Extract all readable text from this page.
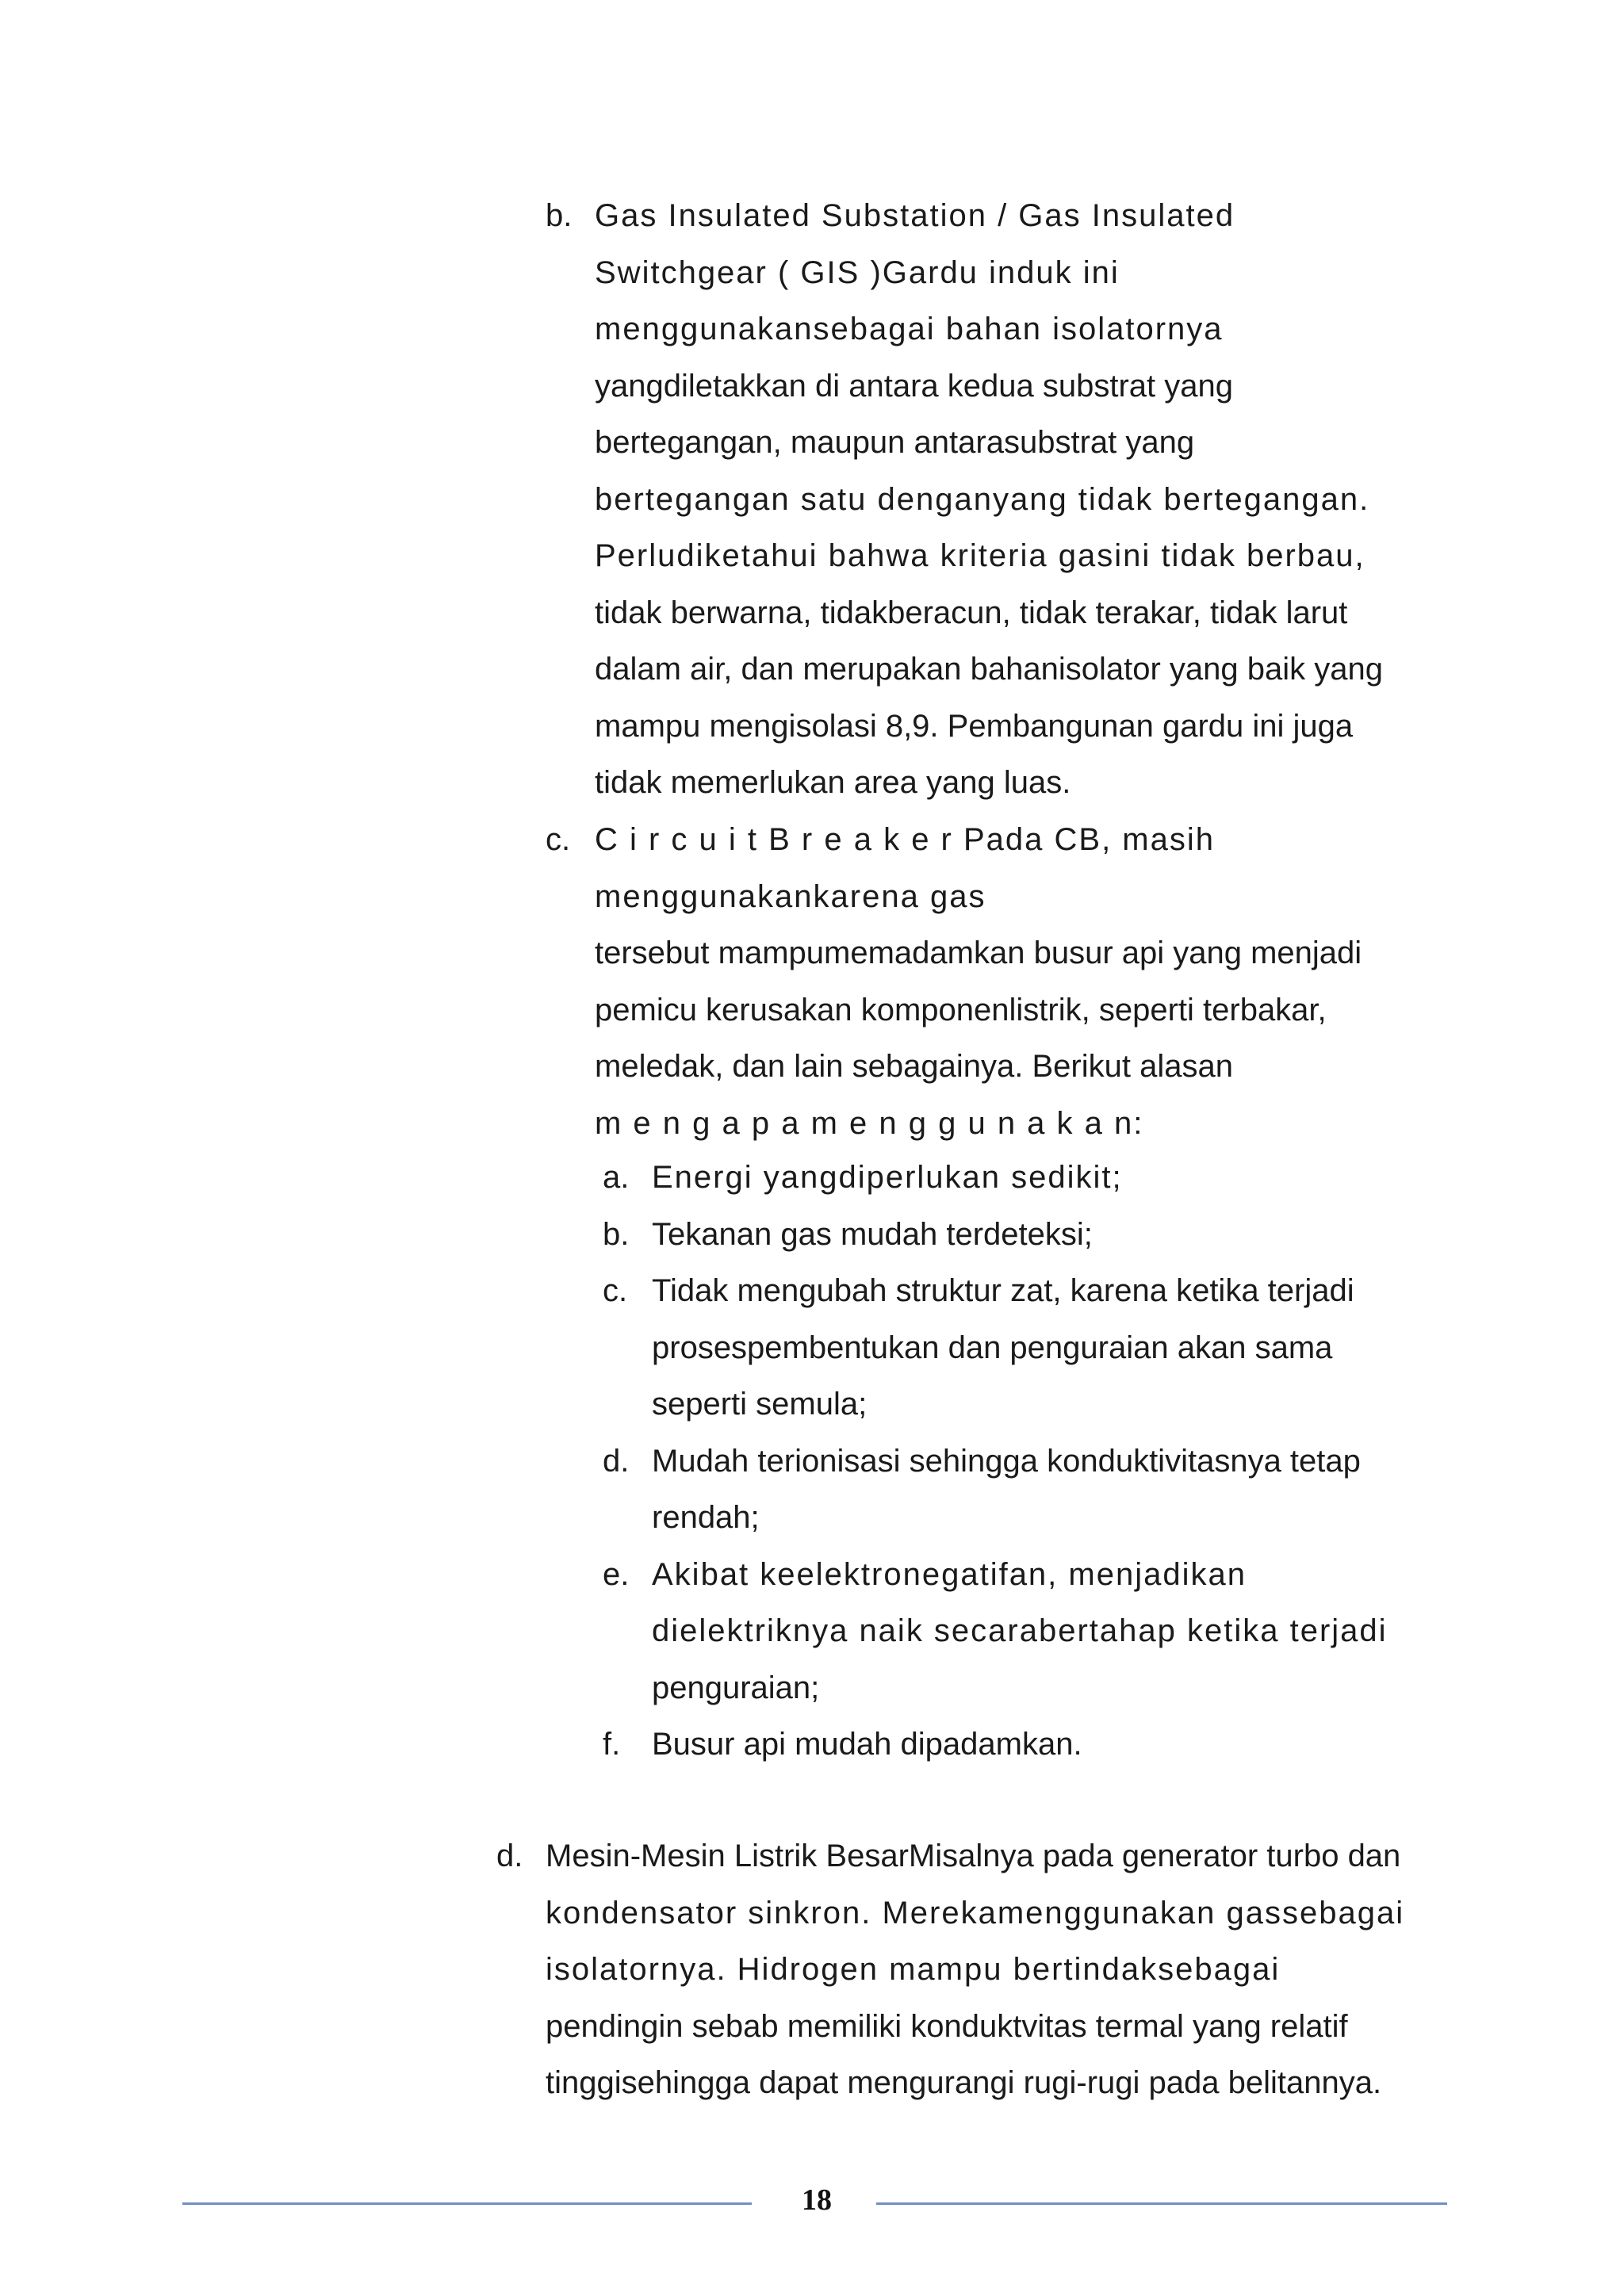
b. Gas Insulated Substation / Gas Insulated
Switchgear ( GIS )Gardu induk ini
menggunakansebagai bahan isolatornya
yangdiletakkan di antara kedua substrat yang
bertegangan, maupun antarasubstrat yang
bertegangan satu denganyang tidak bertegangan.
Perludiketahui bahwa kriteria gasini tidak berbau,
tidak berwarna, tidakberacun, tidak terakar, tidak larut
dalam air, dan merupakan bahanisolator yang baik yang
mampu mengisolasi 8,9. Pembangunan gardu ini juga
tidak memerlukan area yang luas.
c. C i r c u i t B r e a k e r Pada CB, masih
menggunakankarena gas
tersebut mampumemadamkan busur api yang menjadi
pemicu kerusakan komponenlistrik, seperti terbakar,
meledak, dan lain sebagainya. Berikut alasan
m e n g a p a m e n g g u n a k a n:
a. Energi yangdiperlukan sedikit;
b. Tekanan gas mudah terdeteksi;
c. Tidak mengubah struktur zat, karena ketika terjadi
prosespembentukan dan penguraian akan sama
seperti semula;
d. Mudah terionisasi sehingga konduktivitasnya tetap
rendah;
e. Akibat keelektronegatifan, menjadikan
dielektriknya naik secarabertahap ketika terjadi
penguraian;
f. Busur api mudah dipadamkan.
d. Mesin-Mesin Listrik BesarMisalnya pada generator turbo dan
kondensator sinkron. Merekamenggunakan gassebagai
isolatornya. Hidrogen mampu bertindaksebagai
pendingin sebab memiliki konduktvitas termal yang relatif
tinggisehingga dapat mengurangi rugi-rugi pada belitannya.
18
